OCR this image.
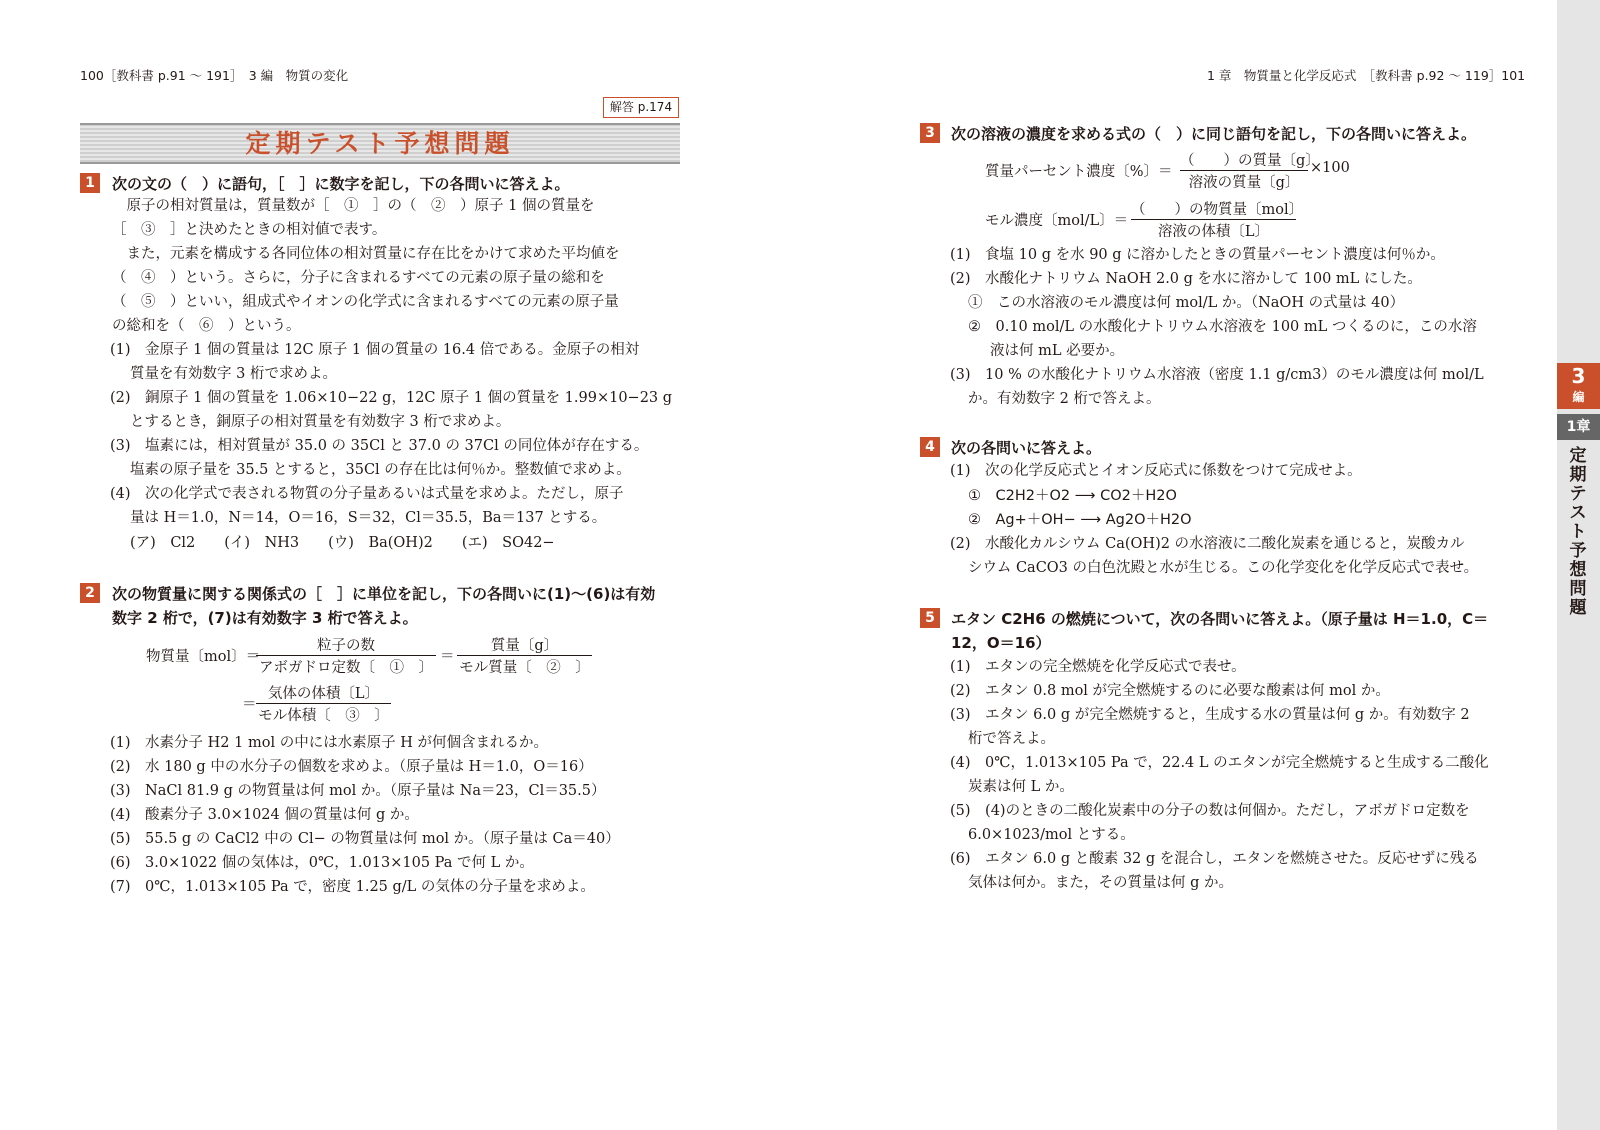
100［教科書 p.91 〜 191］　3 編　物質の変化	1 章　物質量と化学反応式　［教科書 p.92 〜 119］101
解答 p.174
定期テスト予想問題
1	次の文の（　）に語句，［　］に数字を記し，下の各問いに答えよ。
　原子の相対質量は，質量数が［　①　］の（　②　）原子 1 個の質量を
［　③　］と決めたときの相対値で表す。
　また，元素を構成する各同位体の相対質量に存在比をかけて求めた平均値を
（　④　）という。さらに，分子に含まれるすべての元素の原子量の総和を
（　⑤　）といい，組成式やイオンの化学式に含まれるすべての元素の原子量
の総和を（　⑥　）という。
(1)　金原子 1 個の質量は 12C 原子 1 個の質量の 16.4 倍である。金原子の相対
質量を有効数字 3 桁で求めよ。
(2)　銅原子 1 個の質量を 1.06×10−22 g，12C 原子 1 個の質量を 1.99×10−23 g
とするとき，銅原子の相対質量を有効数字 3 桁で求めよ。
(3)　塩素には，相対質量が 35.0 の 35Cl と 37.0 の 37Cl の同位体が存在する。
塩素の原子量を 35.5 とすると，35Cl の存在比は何％か。整数値で求めよ。
(4)　次の化学式で表される物質の分子量あるいは式量を求めよ。ただし，原子
量は H＝1.0，N＝14，O＝16，S＝32，Cl＝35.5，Ba＝137 とする。
(ア)　Cl2　　(イ)　NH3　　(ウ)　Ba(OH)2　　(エ)　SO42−
2	次の物質量に関する関係式の［　］に単位を記し，下の各問いに(1)〜(6)は有効
数字 2 桁で，(7)は有効数字 3 桁で答えよ。
物質量〔mol〕＝
粒子の数
アボガドロ定数〔　①　〕
＝
質量〔g〕
モル質量〔　②　〕
＝
気体の体積〔L〕
モル体積〔　③　〕
(1)　水素分子 H2 1 mol の中には水素原子 H が何個含まれるか。
(2)　水 180 g 中の水分子の個数を求めよ。（原子量は H＝1.0，O＝16）
(3)　NaCl 81.9 g の物質量は何 mol か。（原子量は Na＝23，Cl＝35.5）
(4)　酸素分子 3.0×1024 個の質量は何 g か。
(5)　55.5 g の CaCl2 中の Cl− の物質量は何 mol か。（原子量は Ca＝40）
(6)　3.0×1022 個の気体は，0℃，1.013×105 Pa で何 L か。
(7)　0℃，1.013×105 Pa で，密度 1.25 g/L の気体の分子量を求めよ。
3	次の溶液の濃度を求める式の（　）に同じ語句を記し，下の各問いに答えよ。
質量パーセント濃度〔%〕＝
（　　）の質量〔g〕
溶液の質量〔g〕
×100
モル濃度〔mol/L〕＝
（　　）の物質量〔mol〕
溶液の体積〔L〕
(1)　食塩 10 g を水 90 g に溶かしたときの質量パーセント濃度は何％か。
(2)　水酸化ナトリウム NaOH 2.0 g を水に溶かして 100 mL にした。
①　この水溶液のモル濃度は何 mol/L か。（NaOH の式量は 40）
②　0.10 mol/L の水酸化ナトリウム水溶液を 100 mL つくるのに，この水溶
液は何 mL 必要か。
(3)　10 % の水酸化ナトリウム水溶液（密度 1.1 g/cm3）のモル濃度は何 mol/L
か。有効数字 2 桁で答えよ。
4	次の各問いに答えよ。
(1)　次の化学反応式とイオン反応式に係数をつけて完成せよ。
①　C2H2＋O2 ⟶ CO2＋H2O
②　Ag+＋OH− ⟶ Ag2O＋H2O
(2)　水酸化カルシウム Ca(OH)2 の水溶液に二酸化炭素を通じると，炭酸カル
シウム CaCO3 の白色沈殿と水が生じる。この化学変化を化学反応式で表せ。
5	エタン C2H6 の燃焼について，次の各問いに答えよ。（原子量は H＝1.0，C＝
12，O＝16）
(1)　エタンの完全燃焼を化学反応式で表せ。
(2)　エタン 0.8 mol が完全燃焼するのに必要な酸素は何 mol か。
(3)　エタン 6.0 g が完全燃焼すると，生成する水の質量は何 g か。有効数字 2
桁で答えよ。
(4)　0℃，1.013×105 Pa で，22.4 L のエタンが完全燃焼すると生成する二酸化
炭素は何 L か。
(5)　(4)のときの二酸化炭素中の分子の数は何個か。ただし，アボガドロ定数を
6.0×1023/mol とする。
(6)　エタン 6.0 g と酸素 32 g を混合し，エタンを燃焼させた。反応せずに残る
気体は何か。また，その質量は何 g か。
3
編
1章
定
期
テ
ス
ト
予
想
問
題
